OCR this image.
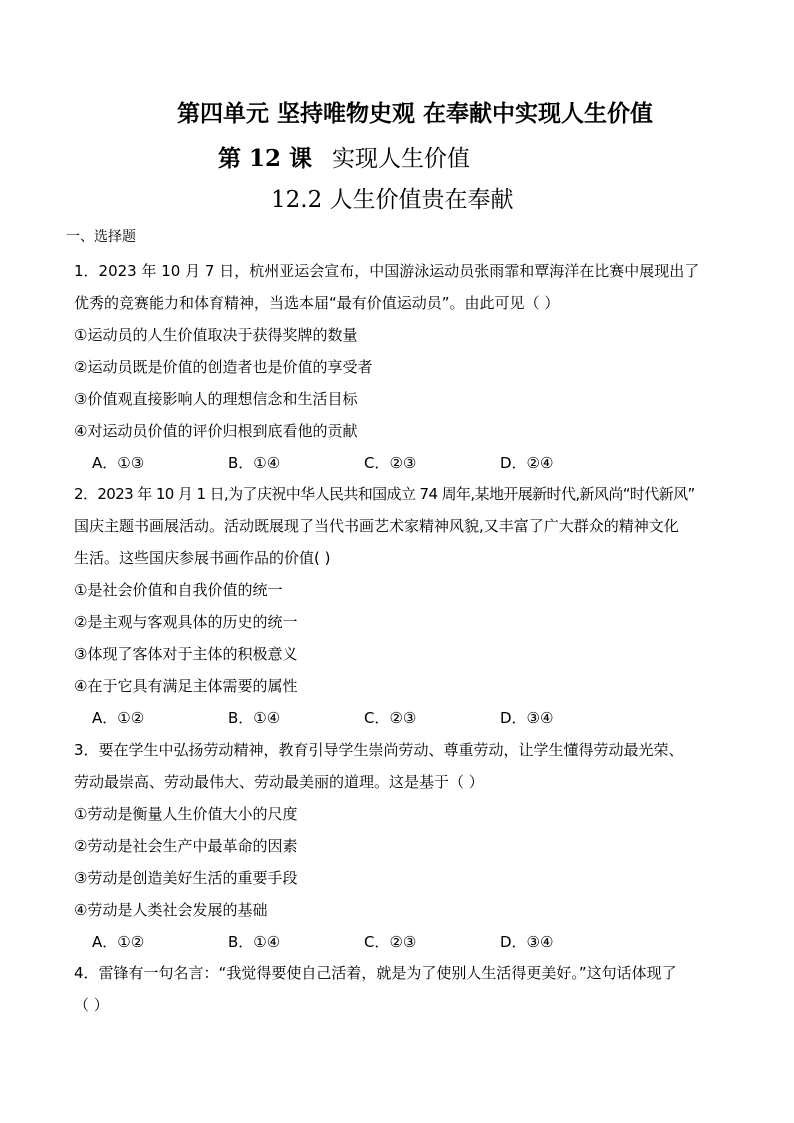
第四单元 坚持唯物史观 在奉献中实现人生价值
第 12 课 实现人生价值
12.2 人生价值贵在奉献
一、选择题
1．2023 年 10 月 7 日，杭州亚运会宣布，中国游泳运动员张雨霏和覃海洋在比赛中展现出了
优秀的竞赛能力和体育精神，当选本届“最有价值运动员”。由此可见（ ）
①运动员的人生价值取决于获得奖牌的数量
②运动员既是价值的创造者也是价值的享受者
③价值观直接影响人的理想信念和生活目标
④对运动员价值的评价归根到底看他的贡献
A．①③	B．①④	C．②③	D．②④
2．2023 年 10 月 1 日,为了庆祝中华人民共和国成立 74 周年,某地开展新时代,新风尚“时代新风”
国庆主题书画展活动。活动既展现了当代书画艺术家精神风貌,又丰富了广大群众的精神文化
生活。这些国庆参展书画作品的价值( )
①是社会价值和自我价值的统一
②是主观与客观具体的历史的统一
③体现了客体对于主体的积极意义
④在于它具有满足主体需要的属性
A．①②	B．①④	C．②③	D．③④
3．要在学生中弘扬劳动精神，教育引导学生崇尚劳动、尊重劳动，让学生懂得劳动最光荣、
劳动最崇高、劳动最伟大、劳动最美丽的道理。这是基于（ ）
①劳动是衡量人生价值大小的尺度
②劳动是社会生产中最革命的因素
③劳动是创造美好生活的重要手段
④劳动是人类社会发展的基础
A．①②	B．①④	C．②③	D．③④
4．雷锋有一句名言：“我觉得要使自己活着，就是为了使别人生活得更美好。”这句话体现了
（ ）
